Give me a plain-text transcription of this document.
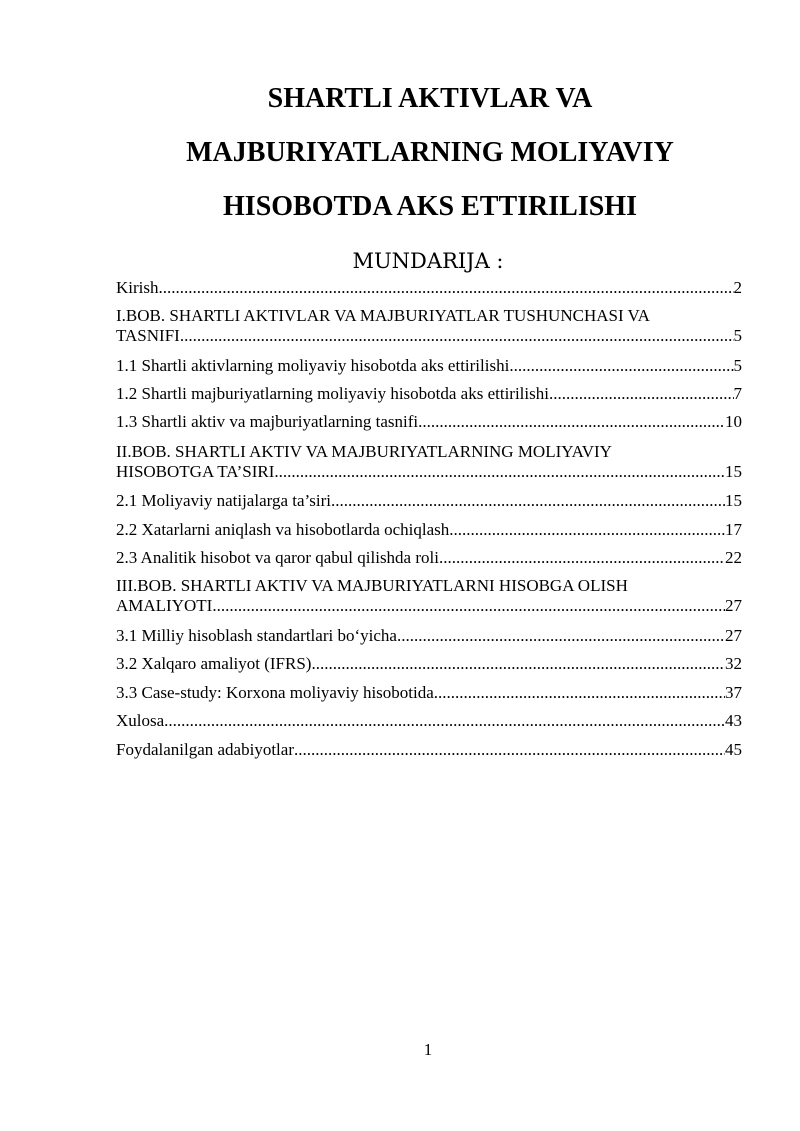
SHARTLI AKTIVLAR VA
MAJBURIYATLARNING MOLIYAVIY
HISOBOTDA AKS ETTIRILISHI
MUNDARIJA :
Kirish .....	2
I.BOB. SHARTLI AKTIVLAR VA MAJBURIYATLAR TUSHUNCHASI VA
TASNIFI .....	5
1.1 Shartli aktivlarning moliyaviy hisobotda aks ettirilishi .....	5
1.2 Shartli majburiyatlarning moliyaviy hisobotda aks ettirilishi .....	7
1.3 Shartli aktiv va majburiyatlarning tasnifi .....	10
II.BOB. SHARTLI AKTIV VA MAJBURIYATLARNING MOLIYAVIY
HISOBOTGA TA’SIRI .....	15
2.1 Moliyaviy natijalarga ta’siri .....	15
2.2 Xatarlarni aniqlash va hisobotlarda ochiqlash .....	17
2.3 Analitik hisobot va qaror qabul qilishda roli .....	22
III.BOB. SHARTLI AKTIV VA MAJBURIYATLARNI HISOBGA OLISH
AMALIYOTI .....	27
3.1 Milliy hisoblash standartlari bo‘yicha .....	27
3.2 Xalqaro amaliyot (IFRS) .....	32
3.3 Case-study: Korxona moliyaviy hisobotida .....	37
Xulosa .....	43
Foydalanilgan adabiyotlar .....	45
1
